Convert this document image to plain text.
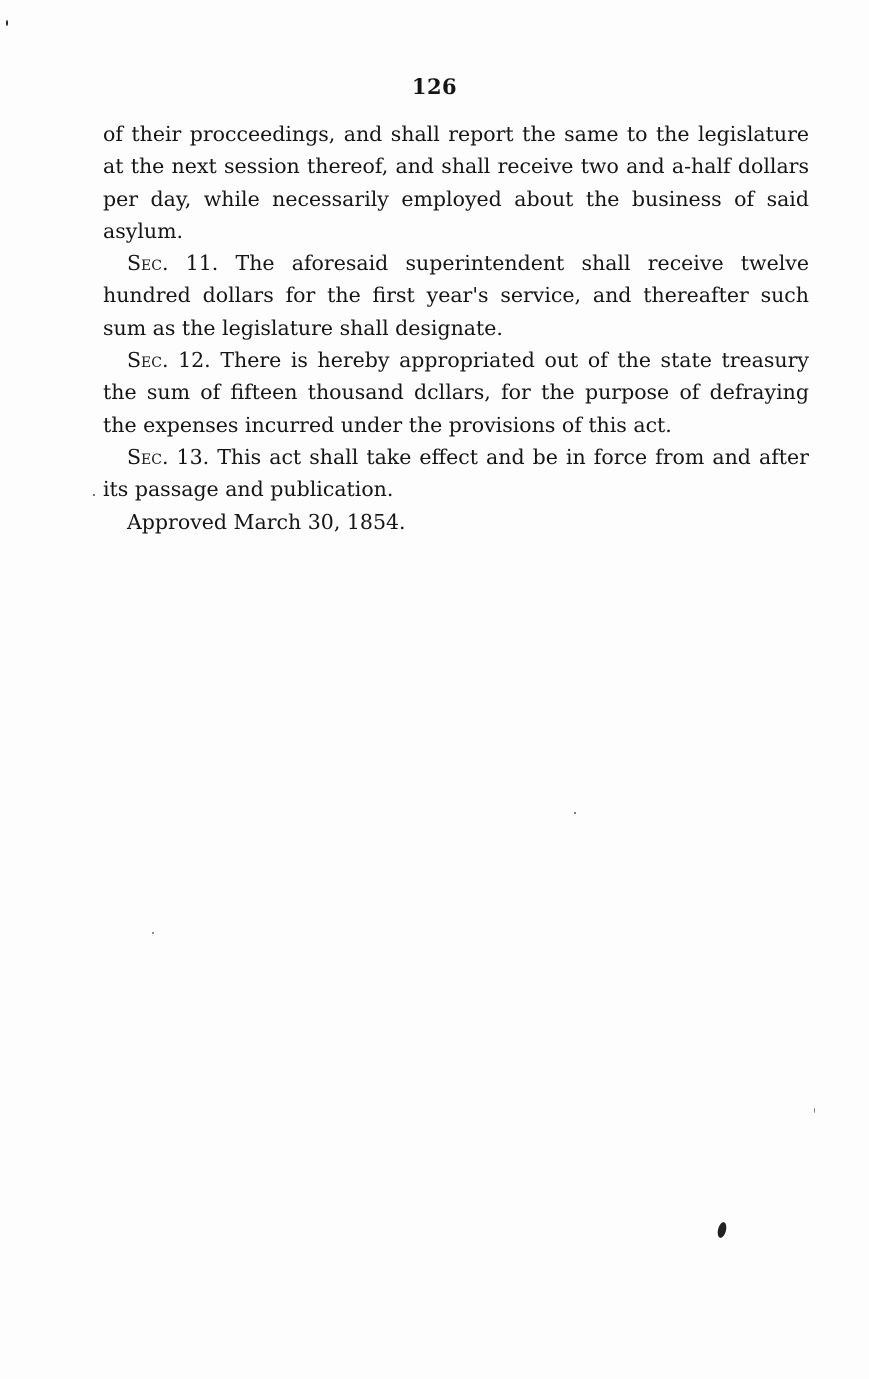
126

of their procceedings, and shall report the same to the legislature at the next session thereof, and shall receive two and a-half dollars per day, while necessarily employed about the business of said asylum.

Sec. 11. The aforesaid superintendent shall receive twelve hundred dollars for the first year's service, and thereafter such sum as the legislature shall designate.

Sec. 12. There is hereby appropriated out of the state treasury the sum of fifteen thousand dcllars, for the purpose of defraying the expenses incurred under the provisions of this act.

Sec. 13. This act shall take effect and be in force from and after its passage and publication.

Approved March 30, 1854.
